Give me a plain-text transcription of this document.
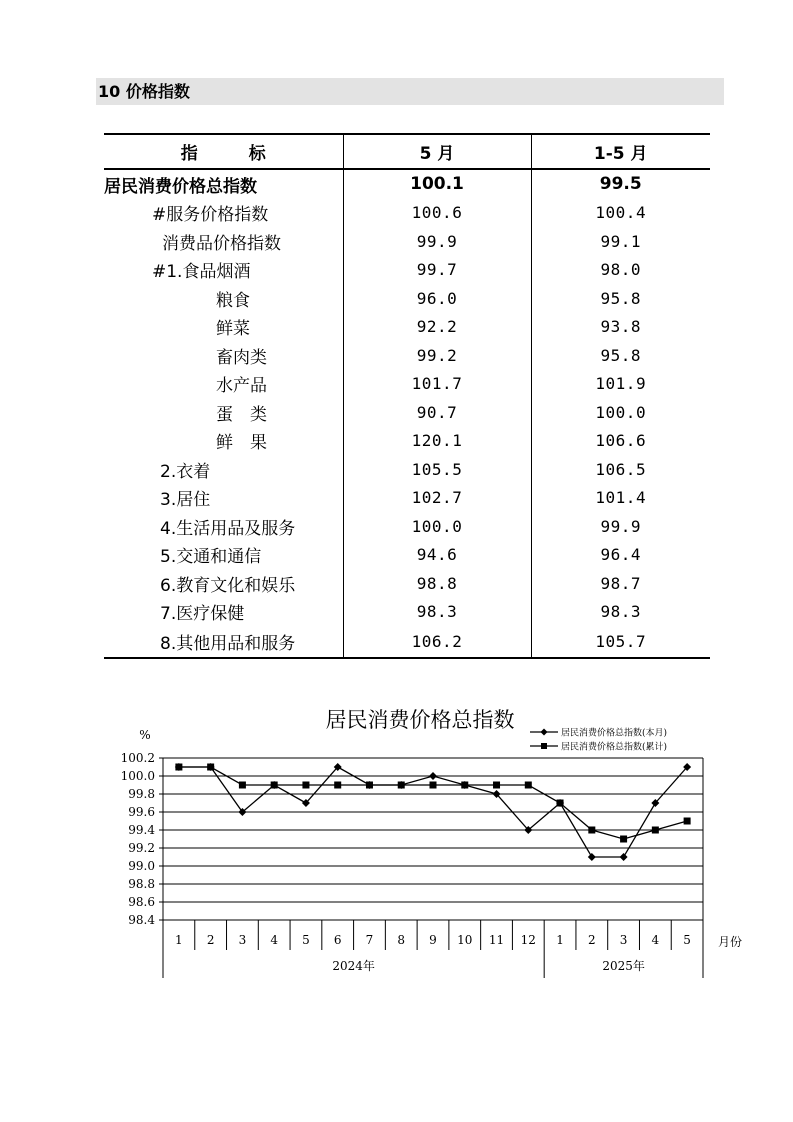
10 价格指数
指　　　标	5 月	1-5 月
居民消费价格总指数	100.1	99.5
#服务价格指数	100.6	100.4
消费品价格指数	99.9	99.1
#1.食品烟酒	99.7	98.0
粮食	96.0	95.8
鲜菜	92.2	93.8
畜肉类	99.2	95.8
水产品	101.7	101.9
蛋　类	90.7	100.0
鲜　果	120.1	106.6
2.衣着	105.5	106.5
3.居住	102.7	101.4
4.生活用品及服务	100.0	99.9
5.交通和通信	94.6	96.4
6.教育文化和娱乐	98.8	98.7
7.医疗保健	98.3	98.3
8.其他用品和服务	106.2	105.7
居民消费价格总指数
%
100.2
100.0
99.8
99.6
99.4
99.2
99.0
98.8
98.6
98.4
1 2 3 4 5 6 7 8 9 10 11 12 1 2 3 4 5
2024年	2025年
月份
居民消费价格总指数(本月)
居民消费价格总指数(累计)
